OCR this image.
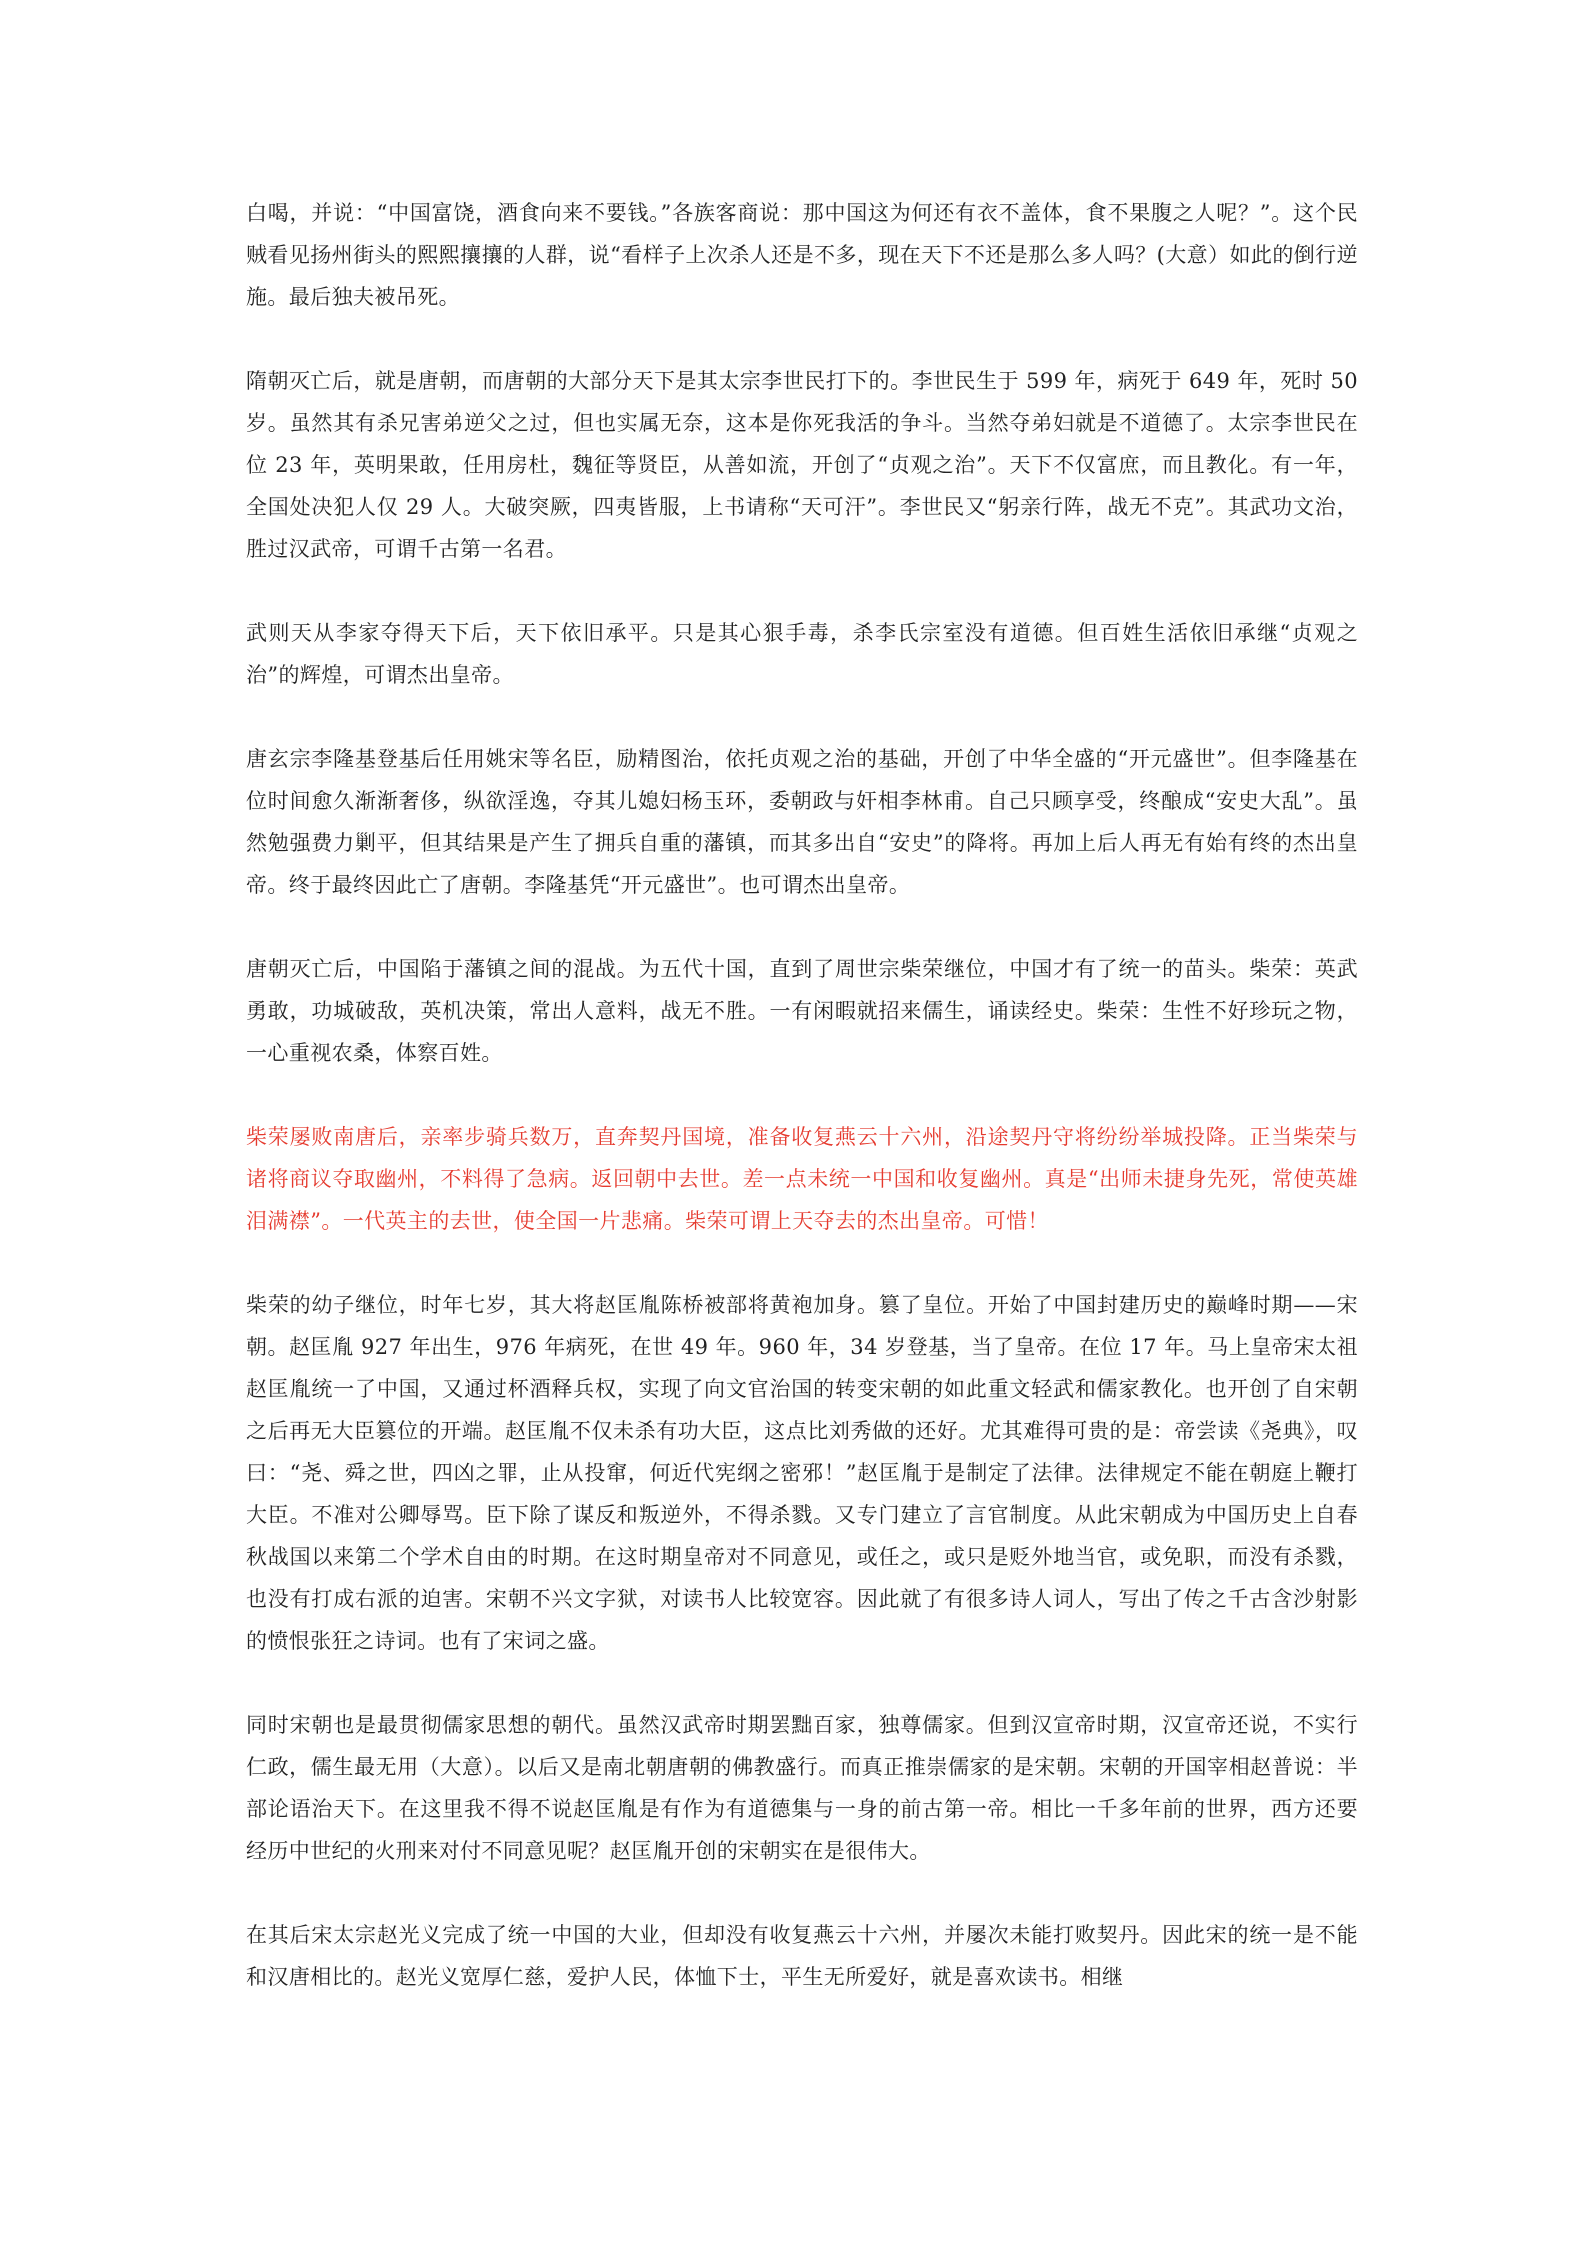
白喝，并说：“中国富饶，酒食向来不要钱。”各族客商说：那中国这为何还有衣不盖体，食不果腹之人呢？”。这个民贼看见扬州街头的熙熙攘攘的人群，说“看样子上次杀人还是不多，现在天下不还是那么多人吗？(大意）如此的倒行逆施。最后独夫被吊死。

隋朝灭亡后，就是唐朝，而唐朝的大部分天下是其太宗李世民打下的。李世民生于 599 年，病死于 649 年，死时 50 岁。虽然其有杀兄害弟逆父之过，但也实属无奈，这本是你死我活的争斗。当然夺弟妇就是不道德了。太宗李世民在位 23 年，英明果敢，任用房杜，魏征等贤臣，从善如流，开创了“贞观之治”。天下不仅富庶，而且教化。有一年，全国处决犯人仅 29 人。大破突厥，四夷皆服，上书请称“天可汗”。李世民又“躬亲行阵，战无不克”。其武功文治，胜过汉武帝，可谓千古第一名君。

武则天从李家夺得天下后，天下依旧承平。只是其心狠手毒，杀李氏宗室没有道德。但百姓生活依旧承继“贞观之治”的辉煌，可谓杰出皇帝。

唐玄宗李隆基登基后任用姚宋等名臣，励精图治，依托贞观之治的基础，开创了中华全盛的“开元盛世”。但李隆基在位时间愈久渐渐奢侈，纵欲淫逸，夺其儿媳妇杨玉环，委朝政与奸相李林甫。自己只顾享受，终酿成“安史大乱”。虽然勉强费力剿平，但其结果是产生了拥兵自重的藩镇，而其多出自“安史”的降将。再加上后人再无有始有终的杰出皇帝。终于最终因此亡了唐朝。李隆基凭“开元盛世”。也可谓杰出皇帝。

唐朝灭亡后，中国陷于藩镇之间的混战。为五代十国，直到了周世宗柴荣继位，中国才有了统一的苗头。柴荣：英武勇敢，功城破敌，英机决策，常出人意料，战无不胜。一有闲暇就招来儒生，诵读经史。柴荣：生性不好珍玩之物，一心重视农桑，体察百姓。

柴荣屡败南唐后，亲率步骑兵数万，直奔契丹国境，准备收复燕云十六州，沿途契丹守将纷纷举城投降。正当柴荣与诸将商议夺取幽州，不料得了急病。返回朝中去世。差一点未统一中国和收复幽州。真是“出师未捷身先死，常使英雄泪满襟”。一代英主的去世，使全国一片悲痛。柴荣可谓上天夺去的杰出皇帝。可惜！

柴荣的幼子继位，时年七岁，其大将赵匡胤陈桥被部将黄袍加身。篡了皇位。开始了中国封建历史的巅峰时期——宋朝。赵匡胤 927 年出生，976 年病死，在世 49 年。960 年，34 岁登基，当了皇帝。在位 17 年。马上皇帝宋太祖赵匡胤统一了中国，又通过杯酒释兵权，实现了向文官治国的转变宋朝的如此重文轻武和儒家教化。也开创了自宋朝之后再无大臣篡位的开端。赵匡胤不仅未杀有功大臣，这点比刘秀做的还好。尤其难得可贵的是：帝尝读《尧典》，叹曰：“尧、舜之世，四凶之罪，止从投窜，何近代宪纲之密邪！”赵匡胤于是制定了法律。法律规定不能在朝庭上鞭打大臣。不准对公卿辱骂。臣下除了谋反和叛逆外，不得杀戮。又专门建立了言官制度。从此宋朝成为中国历史上自春秋战国以来第二个学术自由的时期。在这时期皇帝对不同意见，或任之，或只是贬外地当官，或免职，而没有杀戮，也没有打成右派的迫害。宋朝不兴文字狱，对读书人比较宽容。因此就了有很多诗人词人，写出了传之千古含沙射影的愤恨张狂之诗词。也有了宋词之盛。

同时宋朝也是最贯彻儒家思想的朝代。虽然汉武帝时期罢黜百家，独尊儒家。但到汉宣帝时期，汉宣帝还说，不实行仁政，儒生最无用（大意）。以后又是南北朝唐朝的佛教盛行。而真正推崇儒家的是宋朝。宋朝的开国宰相赵普说：半部论语治天下。在这里我不得不说赵匡胤是有作为有道德集与一身的前古第一帝。相比一千多年前的世界，西方还要经历中世纪的火刑来对付不同意见呢？赵匡胤开创的宋朝实在是很伟大。

在其后宋太宗赵光义完成了统一中国的大业，但却没有收复燕云十六州，并屡次未能打败契丹。因此宋的统一是不能和汉唐相比的。赵光义宽厚仁慈，爱护人民，体恤下士，平生无所爱好，就是喜欢读书。相继
